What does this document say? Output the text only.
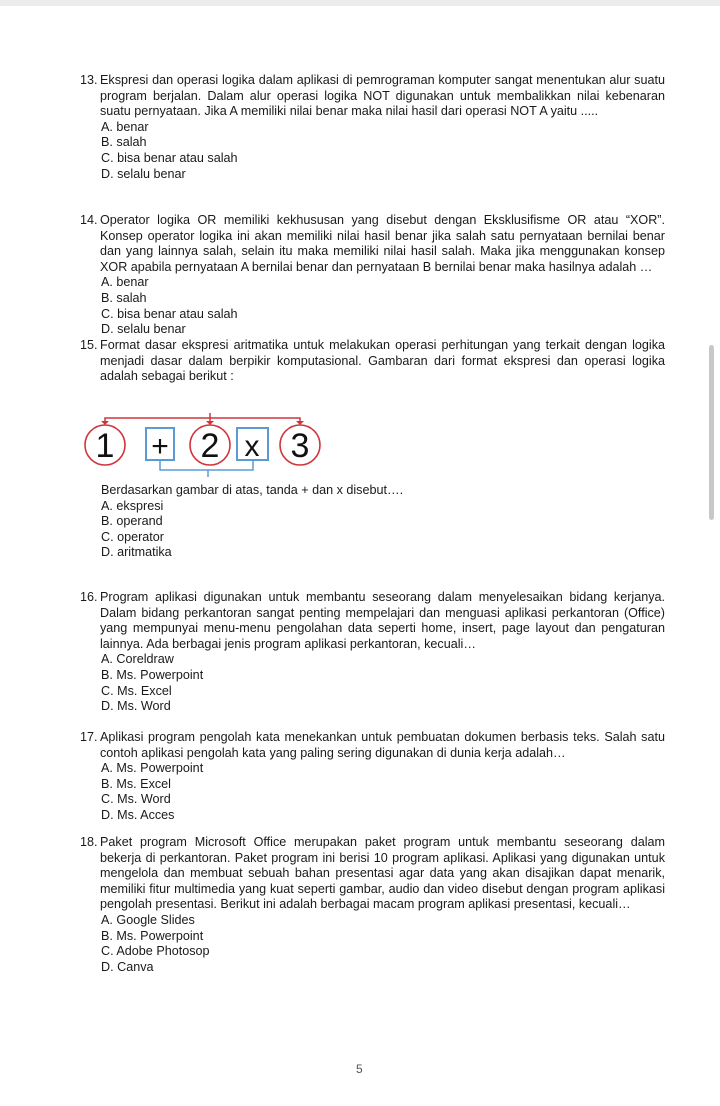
13. Ekspresi dan operasi logika dalam aplikasi di pemrograman komputer sangat menentukan alur suatu program berjalan. Dalam alur operasi logika NOT digunakan untuk membalikkan nilai kebenaran suatu pernyataan. Jika A memiliki nilai benar maka nilai hasil dari operasi NOT A yaitu .....
A. benar
B. salah
C. bisa benar atau salah
D. selalu benar
14. Operator logika OR memiliki kekhususan yang disebut dengan Eksklusifisme OR atau “XOR”. Konsep operator logika ini akan memiliki nilai hasil benar jika salah satu pernyataan bernilai benar dan yang lainnya salah, selain itu maka memiliki nilai hasil salah. Maka jika menggunakan konsep XOR apabila pernyataan A bernilai benar dan pernyataan B bernilai benar maka hasilnya adalah …
A. benar
B. salah
C. bisa benar atau salah
D. selalu benar
15. Format dasar ekspresi aritmatika untuk melakukan operasi perhitungan yang terkait dengan logika menjadi dasar dalam berpikir komputasional. Gambaran dari format ekspresi dan operasi logika adalah sebagai berikut :
16. Program aplikasi digunakan untuk membantu seseorang dalam menyelesaikan bidang kerjanya. Dalam bidang perkantoran sangat penting mempelajari dan menguasi aplikasi perkantoran (Office) yang mempunyai menu-menu pengolahan data seperti home, insert, page layout dan pengaturan lainnya. Ada berbagai jenis program aplikasi perkantoran, kecuali…
A. Coreldraw
B. Ms. Powerpoint
C. Ms. Excel
D. Ms. Word
17. Aplikasi program pengolah kata menekankan untuk pembuatan dokumen berbasis teks. Salah satu contoh aplikasi pengolah kata yang paling sering digunakan di dunia kerja adalah…
A. Ms. Powerpoint
B. Ms. Excel
C. Ms. Word
D. Ms. Acces
18. Paket program Microsoft Office merupakan paket program untuk membantu seseorang dalam bekerja di perkantoran. Paket program ini berisi 10 program aplikasi. Aplikasi yang digunakan untuk mengelola dan membuat sebuah bahan presentasi agar data yang akan disajikan dapat menarik, memiliki fitur multimedia yang kuat seperti gambar, audio dan video disebut dengan program aplikasi pengolah presentasi. Berikut ini adalah berbagai macam program aplikasi presentasi, kecuali…
A. Google Slides
B. Ms. Powerpoint
C. Adobe Photosop
D. Canva
1 + 2 x 3
Berdasarkan gambar di atas, tanda + dan x disebut….
A. ekspresi
B. operand
C. operator
D. aritmatika
5
